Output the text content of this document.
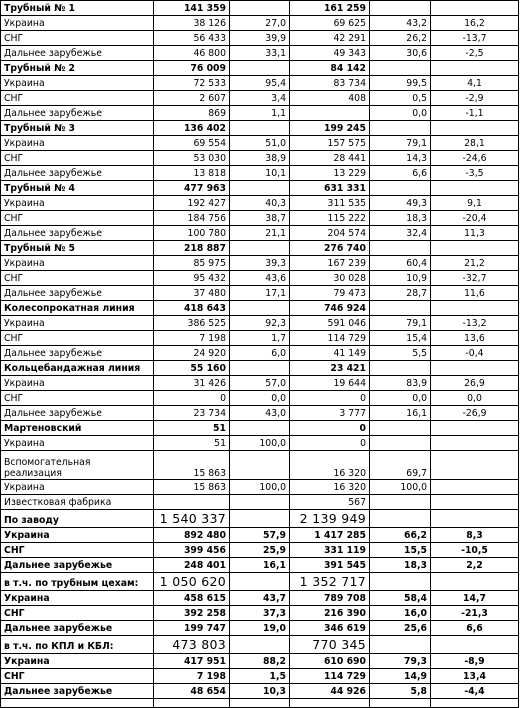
Трубный № 1	141 359		161 259		
Украина	38 126	27,0	69 625	43,2	16,2
СНГ	56 433	39,9	42 291	26,2	-13,7
Дальнее зарубежье	46 800	33,1	49 343	30,6	-2,5
Трубный № 2	76 009		84 142		
Украина	72 533	95,4	83 734	99,5	4,1
СНГ	2 607	3,4	408	0,5	-2,9
Дальнее зарубежье	869	1,1		0,0	-1,1
Трубный № 3	136 402		199 245		
Украина	69 554	51,0	157 575	79,1	28,1
СНГ	53 030	38,9	28 441	14,3	-24,6
Дальнее зарубежье	13 818	10,1	13 229	6,6	-3,5
Трубный № 4	477 963		631 331		
Украина	192 427	40,3	311 535	49,3	9,1
СНГ	184 756	38,7	115 222	18,3	-20,4
Дальнее зарубежье	100 780	21,1	204 574	32,4	11,3
Трубный № 5	218 887		276 740		
Украина	85 975	39,3	167 239	60,4	21,2
СНГ	95 432	43,6	30 028	10,9	-32,7
Дальнее зарубежье	37 480	17,1	79 473	28,7	11,6
Колесопрокатная линия	418 643		746 924		
Украина	386 525	92,3	591 046	79,1	-13,2
СНГ	7 198	1,7	114 729	15,4	13,6
Дальнее зарубежье	24 920	6,0	41 149	5,5	-0,4
Кольцебандажная линия	55 160		23 421		
Украина	31 426	57,0	19 644	83,9	26,9
СНГ	0	0,0	0	0,0	0,0
Дальнее зарубежье	23 734	43,0	3 777	16,1	-26,9
Мартеновский	51		0		
Украина	51	100,0	0		
Вспомогательная реализация	15 863		16 320	69,7	
Украина	15 863	100,0	16 320	100,0	
Известковая фабрика			567		
По заводу	1 540 337		2 139 949		
Украина	892 480	57,9	1 417 285	66,2	8,3
СНГ	399 456	25,9	331 119	15,5	-10,5
Дальнее зарубежье	248 401	16,1	391 545	18,3	2,2
в т.ч. по трубным цехам:	1 050 620		1 352 717		
Украина	458 615	43,7	789 708	58,4	14,7
СНГ	392 258	37,3	216 390	16,0	-21,3
Дальнее зарубежье	199 747	19,0	346 619	25,6	6,6
в т.ч. по КПЛ и КБЛ:	473 803		770 345		
Украина	417 951	88,2	610 690	79,3	-8,9
СНГ	7 198	1,5	114 729	14,9	13,4
Дальнее зарубежье	48 654	10,3	44 926	5,8	-4,4
